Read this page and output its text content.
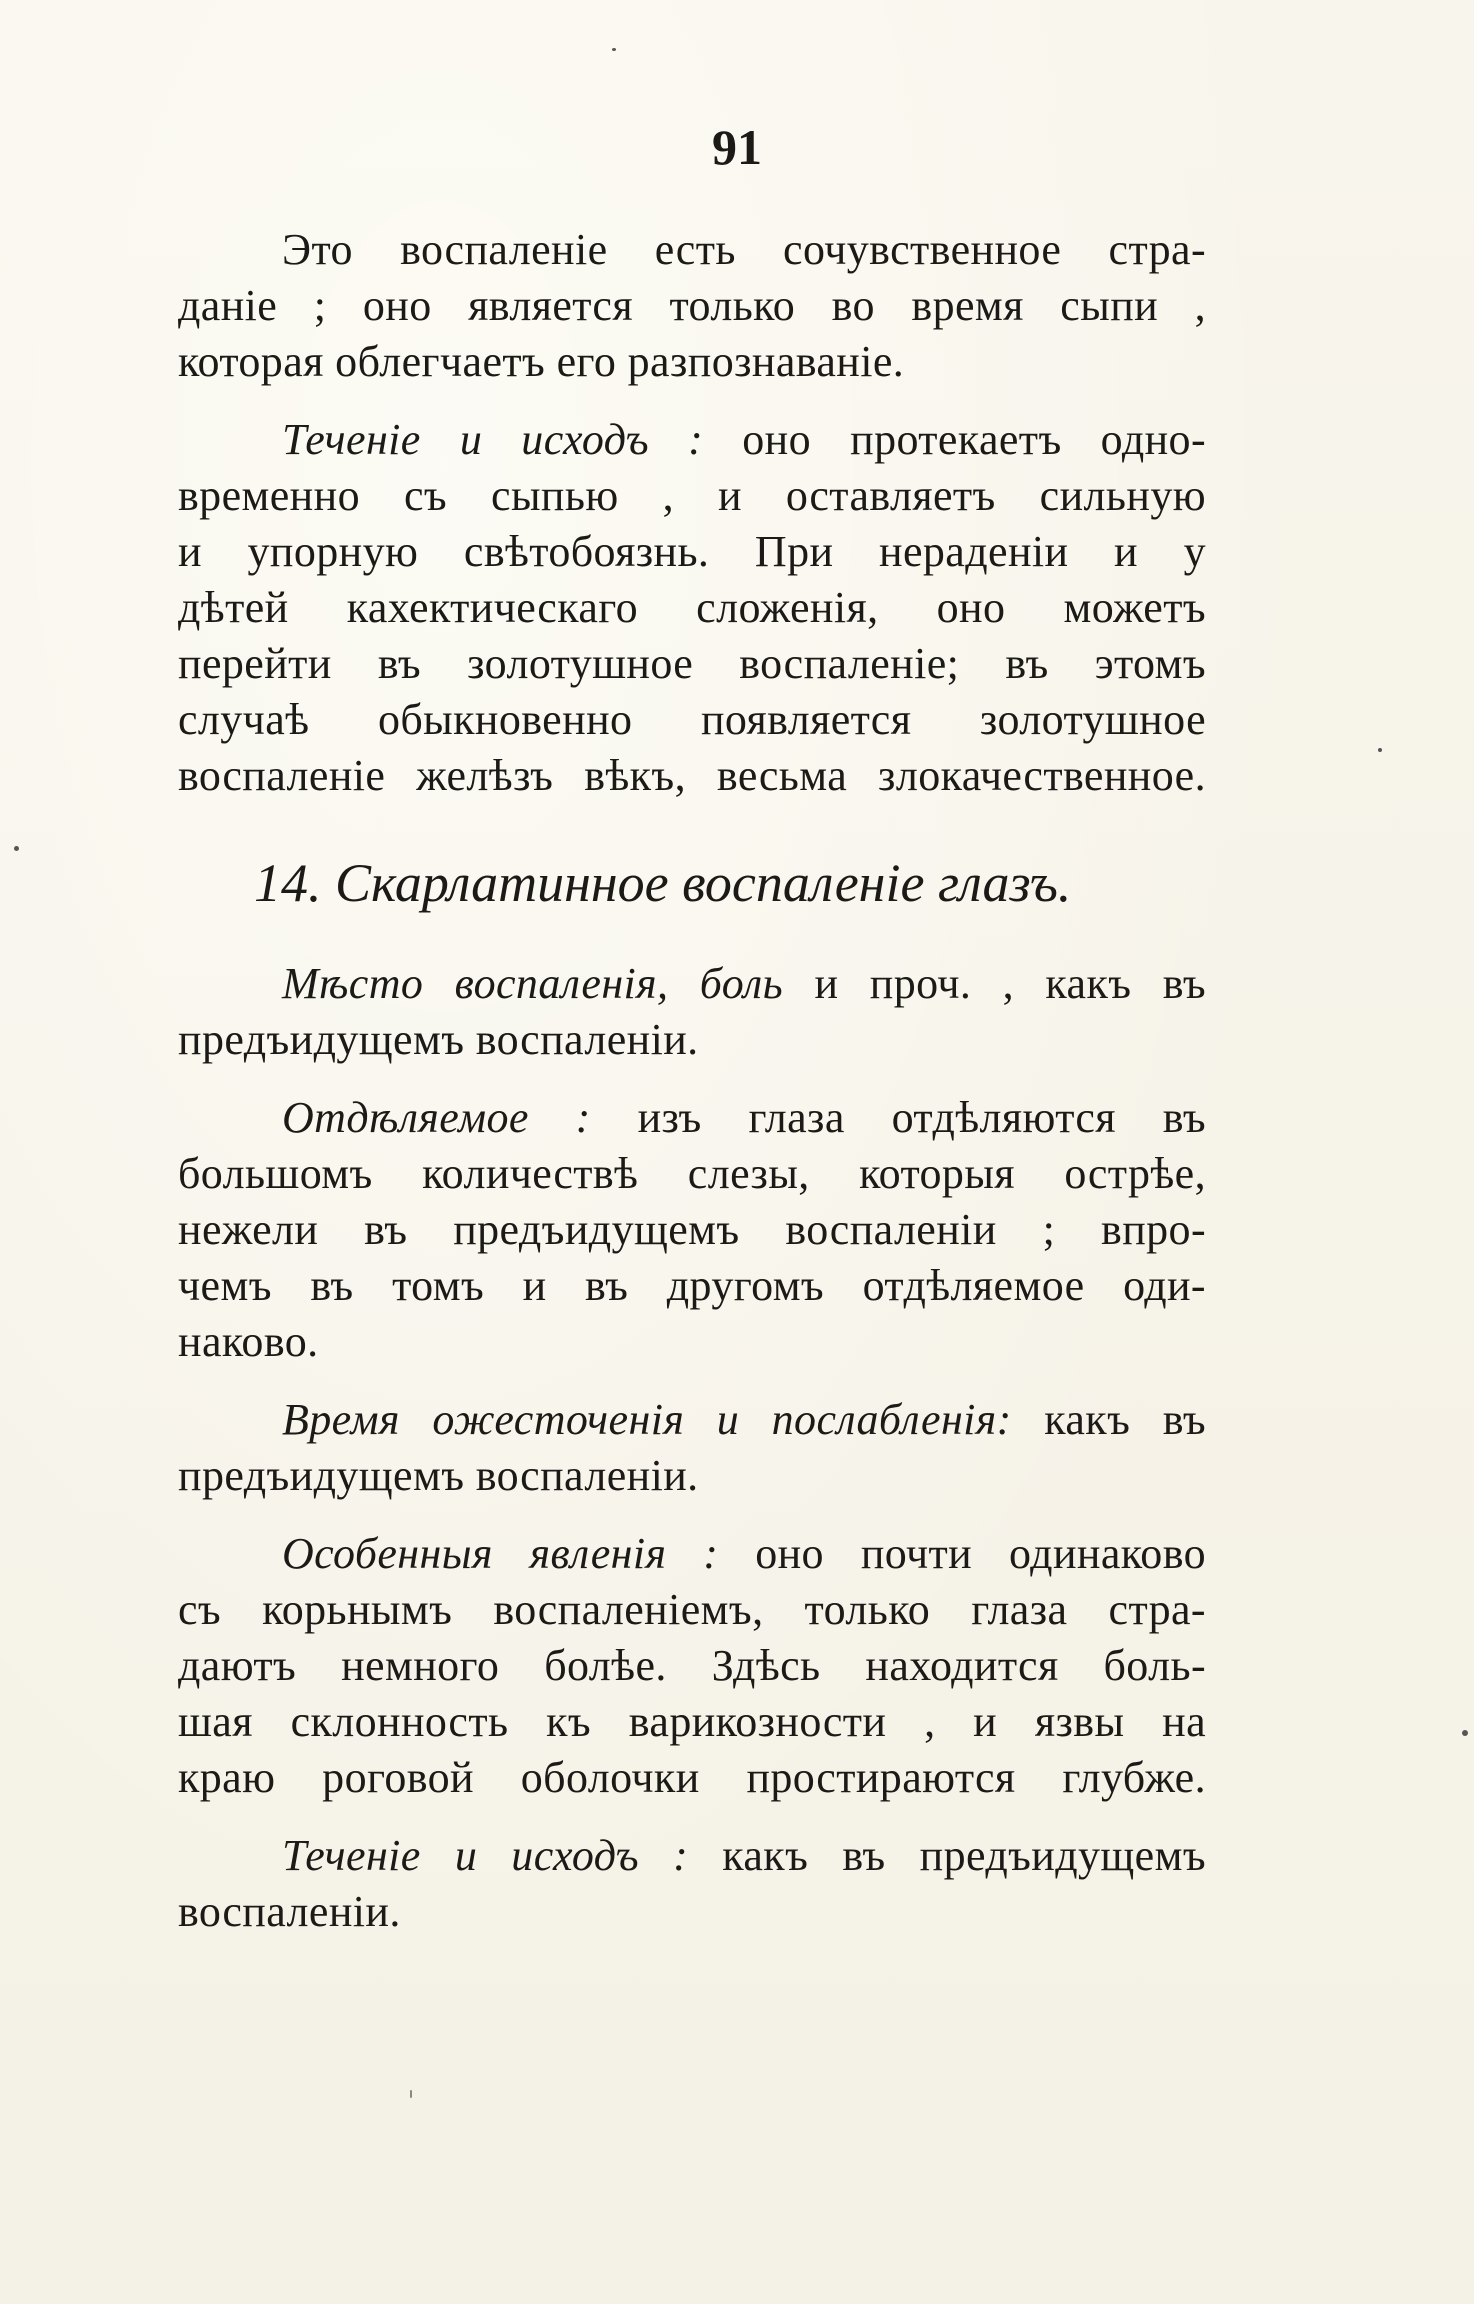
91
Это воспаленіе есть сочувственное стра-
даніе ; оно является только во время сыпи ,
которая облегчаетъ его разпознаваніе.
Теченіе и исходъ : оно протекаетъ одно-
временно съ сыпью , и оставляетъ сильную
и упорную свѣтобоязнь. При нераденіи и у
дѣтей кахектическаго сложенія, оно можетъ
перейти въ золотушное воспаленіе; въ этомъ
случаѣ обыкновенно появляется золотушное
воспаленіе желѣзъ вѣкъ, весьма злокачественное.
14. Скарлатинное воспаленіе глазъ.
Мѣсто воспаленія, боль и проч. , какъ въ
предъидущемъ воспаленіи.
Отдѣляемое : изъ глаза отдѣляются въ
большомъ количествѣ слезы, которыя острѣе,
нежели въ предъидущемъ воспаленіи ; впро-
чемъ въ томъ и въ другомъ отдѣляемое оди-
наково.
Время ожесточенія и послабленія: какъ въ
предъидущемъ воспаленіи.
Особенныя явленія : оно почти одинаково
съ корьнымъ воспаленіемъ, только глаза стра-
даютъ немного болѣе. Здѣсь находится боль-
шая склонность къ варикозности , и язвы на
краю роговой оболочки простираются глубже.
Теченіе и исходъ : какъ въ предъидущемъ
воспаленіи.
